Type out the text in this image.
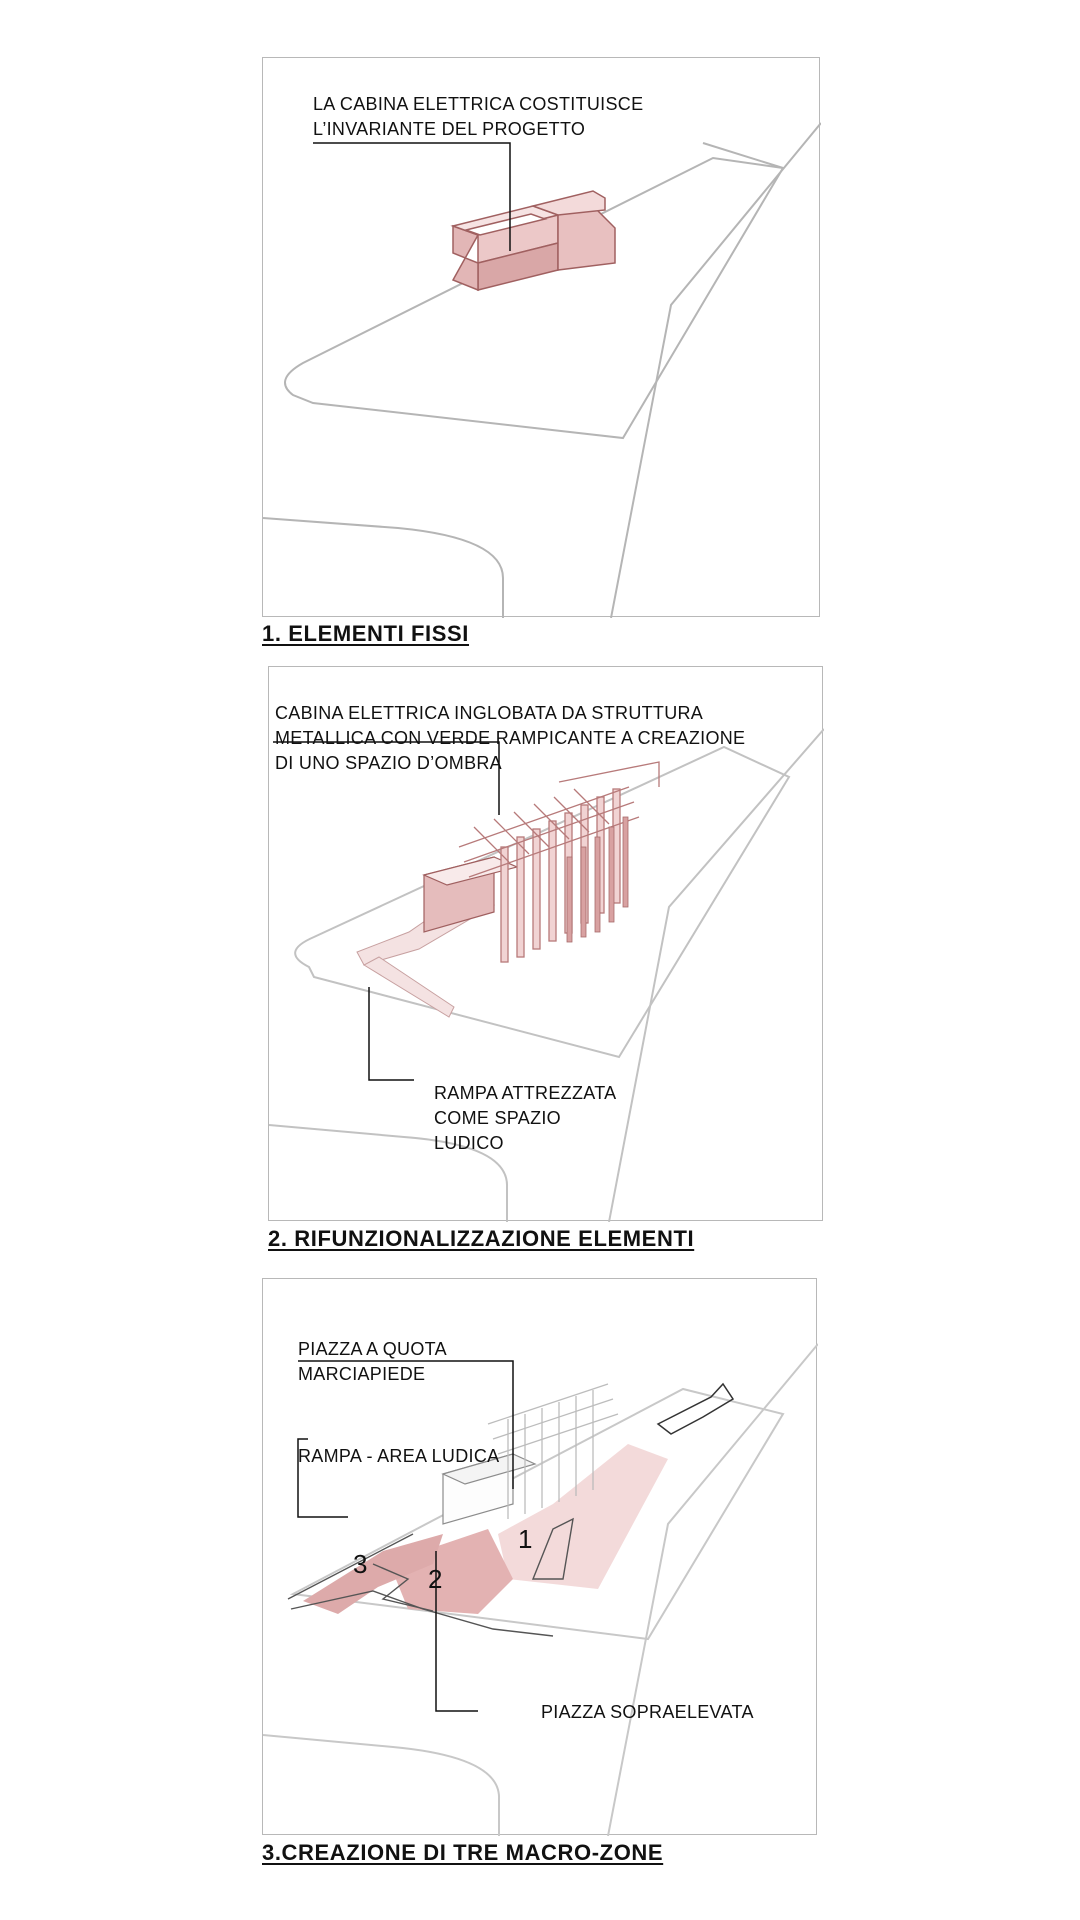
LA CABINA ELETTRICA COSTITUISCE
L’INVARIANTE DEL PROGETTO
1. ELEMENTI FISSI
CABINA ELETTRICA INGLOBATA DA STRUTTURA
METALLICA CON VERDE RAMPICANTE A CREAZIONE
DI UNO SPAZIO D’OMBRA
RAMPA ATTREZZATA
COME SPAZIO
LUDICO
2. RIFUNZIONALIZZAZIONE ELEMENTI
PIAZZA A QUOTA
MARCIAPIEDE
RAMPA - AREA LUDICA
PIAZZA SOPRAELEVATA
1
2
3
3.CREAZIONE DI TRE MACRO-ZONE
